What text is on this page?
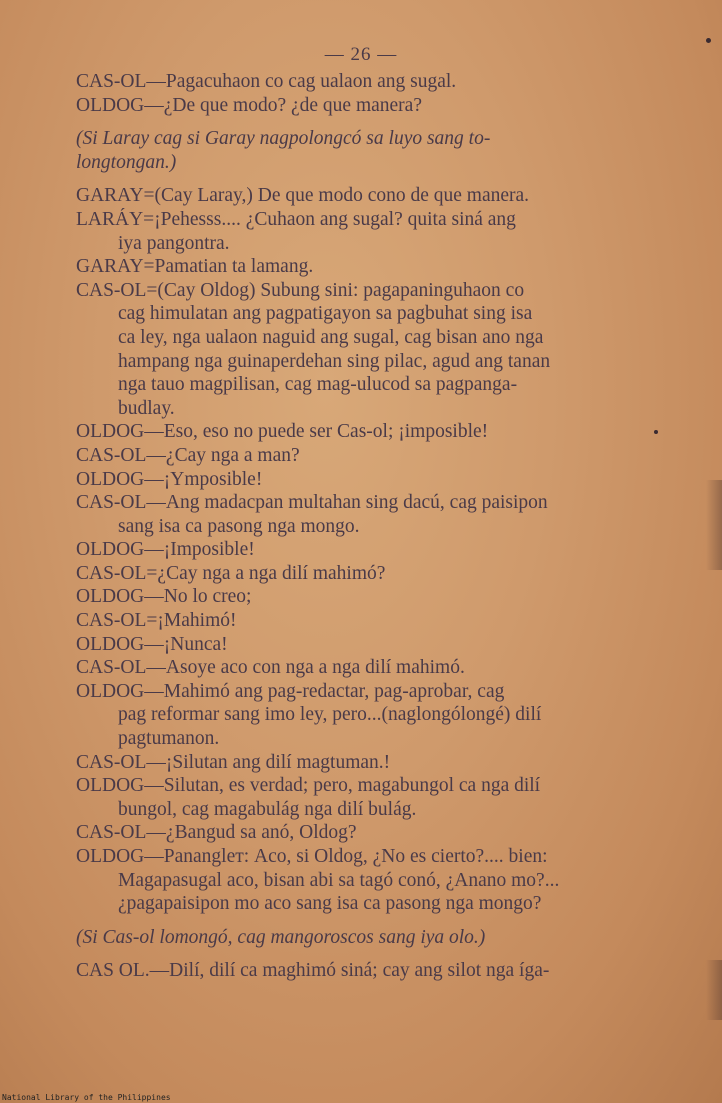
— 26 —
CAS-OL—Pagacuhaon co cag ualaon ang sugal.
OLDOG—¿De que modo? ¿de que manera?
(Si Laray cag si Garay nagpolongcó sa luyo sang to-
longtongan.)
GARAY=(Cay Laray,) De que modo cono de que manera.
LARÁY=¡Pehesss.... ¿Cuhaon ang sugal? quita siná ang
iya pangontra.
GARAY=Pamatian ta lamang.
CAS-OL=(Cay Oldog) Subung sini: pagapaninguhaon co
cag himulatan ang pagpatigayon sa pagbuhat sing isa
ca ley, nga ualaon naguid ang sugal, cag bisan ano nga
hampang nga guinaperdehan sing pilac, agud ang tanan
nga tauo magpilisan, cag mag-ulucod sa pagpanga-
budlay.
OLDOG—Eso, eso no puede ser Cas-ol; ¡imposible!
CAS-OL—¿Cay nga a man?
OLDOG—¡Ymposible!
CAS-OL—Ang madacpan multahan sing dacú, cag paisipon
sang isa ca pasong nga mongo.
OLDOG—¡Imposible!
CAS-OL=¿Cay nga a nga dilí mahimó?
OLDOG—No lo creo;
CAS-OL=¡Mahimó!
OLDOG—¡Nunca!
CAS-OL—Asoye aco con nga a nga dilí mahimó.
OLDOG—Mahimó ang pag-redactar, pag-aprobar, cag
pag reformar sang imo ley, pero...(naglongólongé) dilí
pagtumanon.
CAS-OL—¡Silutan ang dilí magtuman.!
OLDOG—Silutan, es verdad; pero, magabungol ca nga dilí
bungol, cag magabulág nga dilí bulág.
CAS-OL—¿Bangud sa anó, Oldog?
OLDOG—Panangleт: Aco, si Oldog, ¿No es cierto?.... bien:
Magapasugal aco, bisan abi sa tagó conó, ¿Anano mo?...
¿pagapaisipon mo aco sang isa ca pasong nga mongo?
(Si Cas-ol lomongó, cag mangoroscos sang iya olo.)
CAS OL.—Dilí, dilí ca maghimó siná; cay ang silot nga íga-
National Library of the Philippines
